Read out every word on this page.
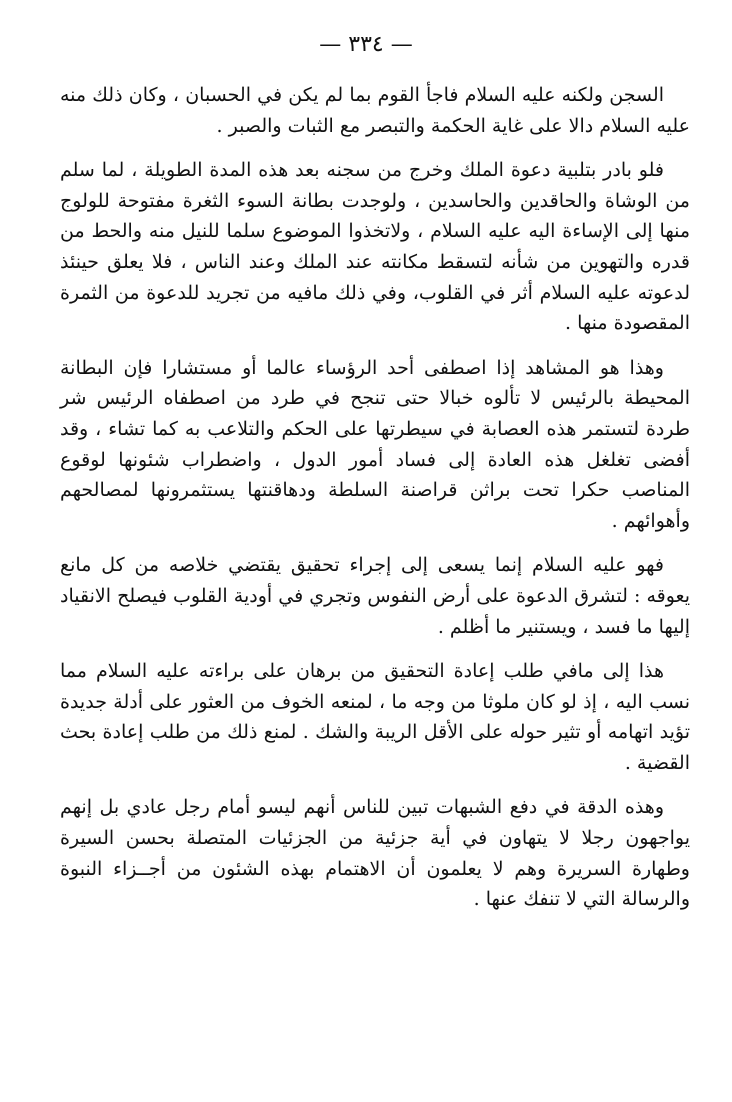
— ٣٣٤ —

السجن ولكنه عليه السلام فاجأ القوم بما لم يكن في الحسبان ، وكان ذلك منه عليه السلام دالا على غاية الحكمة والتبصر مع الثبات والصبر .

فلو بادر بتلبية دعوة الملك وخرج من سجنه بعد هذه المدة الطويلة ، لما سلم من الوشاة والحاقدين والحاسدين ، ولوجدت بطانة السوء الثغرة مفتوحة للولوج منها إلى الإساءة اليه عليه السلام ، ولاتخذوا الموضوع سلما للنيل منه والحط من قدره والتهوين من شأنه لتسقط مكانته عند الملك وعند الناس ، فلا يعلق حينئذ لدعوته عليه السلام أثر في القلوب، وفي ذلك مافيه من تجريد للدعوة من الثمرة المقصودة منها .

وهذا هو المشاهد إذا اصطفى أحد الرؤساء عالما أو مستشارا فإن البطانة المحيطة بالرئيس لا تألوه خبالا حتى تنجح في طرد من اصطفاه الرئيس شر طردة لتستمر هذه العصابة في سيطرتها على الحكم والتلاعب به كما تشاء ، وقد أفضى تغلغل هذه العادة إلى فساد أمور الدول ، واضطراب شئونها لوقوع المناصب حكرا تحت براثن قراصنة السلطة ودهاقنتها يستثمرونها لمصالحهم وأهوائهم .

فهو عليه السلام إنما يسعى إلى إجراء تحقيق يقتضي خلاصه من كل مانع يعوقه : لتشرق الدعوة على أرض النفوس وتجري في أودية القلوب فيصلح الانقياد إليها ما فسد ، ويستنير ما أظلم .

هذا إلى مافي طلب إعادة التحقيق من برهان على براءته عليه السلام مما نسب اليه ، إذ لو كان ملوثا من وجه ما ، لمنعه الخوف من العثور على أدلة جديدة تؤيد اتهامه أو تثير حوله على الأقل الريبة والشك . لمنع ذلك من طلب إعادة بحث القضية .

وهذه الدقة في دفع الشبهات تبين للناس أنهم ليسو أمام رجل عادي بل إنهم يواجهون رجلا لا يتهاون في أية جزئية من الجزئيات المتصلة بحسن السيرة وطهارة السريرة وهم لا يعلمون أن الاهتمام بهذه الشئون من أجــزاء النبوة والرسالة التي لا تنفك عنها .
